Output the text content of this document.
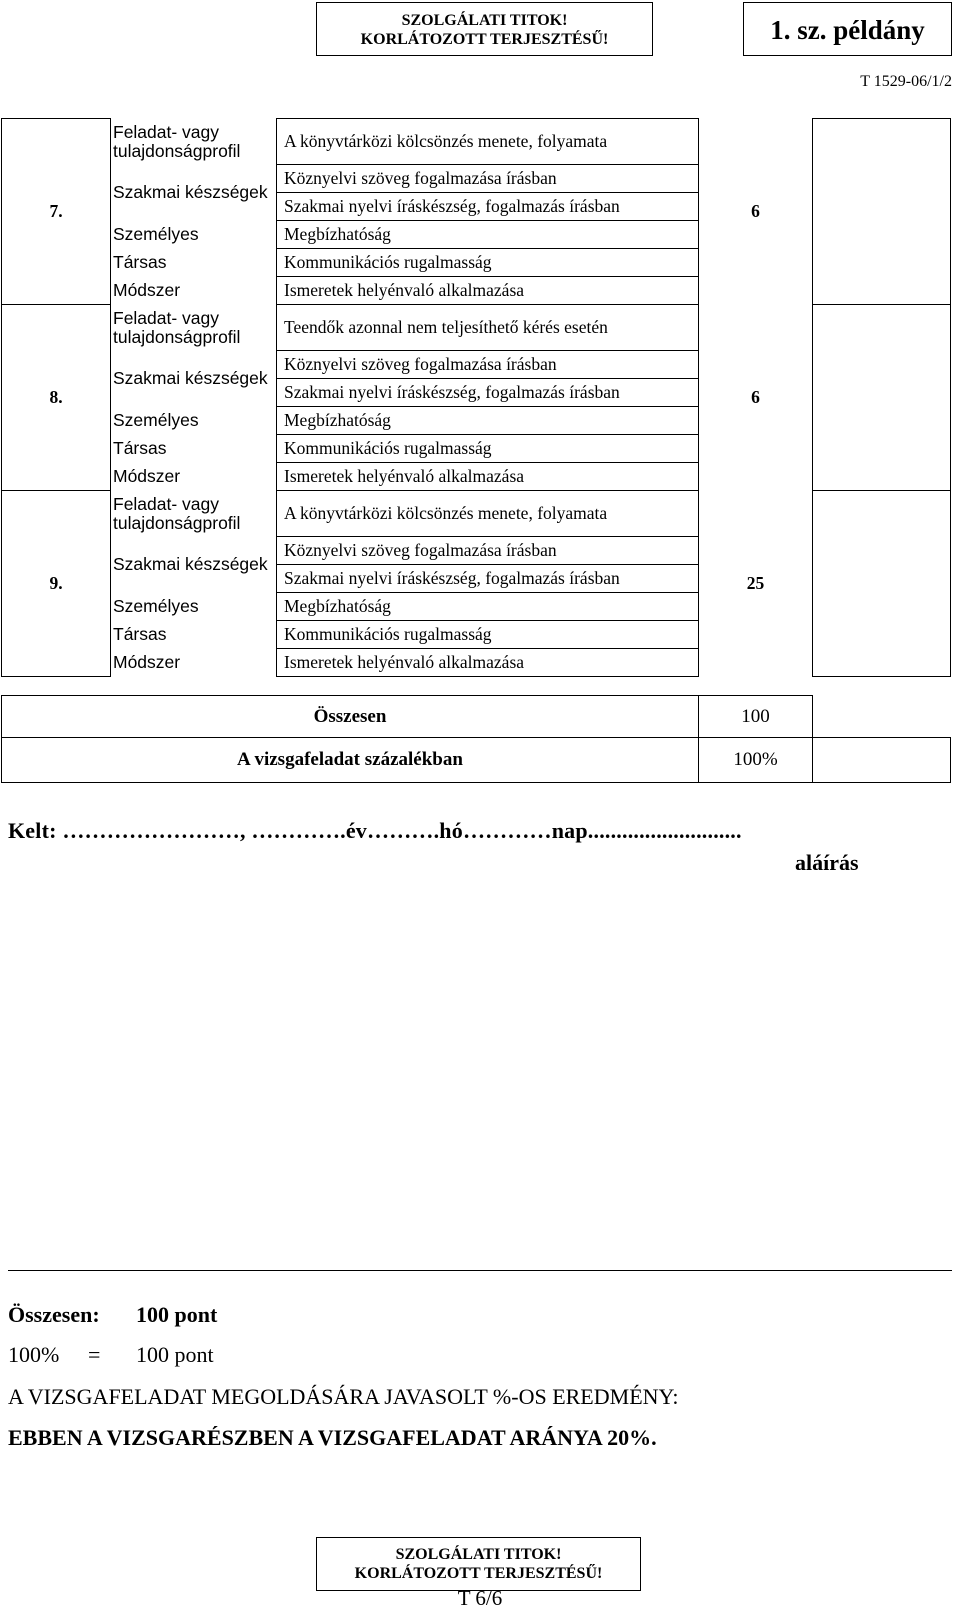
SZOLGÁLATI TITOK!
KORLÁTOZOTT TERJESZTÉSŰ!	1. sz. példány
T 1529-06/1/2
7.	Feladat- vagy tulajdonságprofil	A könyvtárközi kölcsönzés menete, folyamata	6	
	Szakmai készségek	Köznyelvi szöveg fogalmazása írásban		
		Szakmai nyelvi íráskészség, fogalmazás írásban		
	Személyes	Megbízhatóság		
	Társas	Kommunikációs rugalmasság		
	Módszer	Ismeretek helyénvaló alkalmazása		
8.	Feladat- vagy tulajdonságprofil	Teendők azonnal nem teljesíthető kérés esetén	6	
	Szakmai készségek	Köznyelvi szöveg fogalmazása írásban		
		Szakmai nyelvi íráskészség, fogalmazás írásban		
	Személyes	Megbízhatóság		
	Társas	Kommunikációs rugalmasság		
	Módszer	Ismeretek helyénvaló alkalmazása		
9.	Feladat- vagy tulajdonságprofil	A könyvtárközi kölcsönzés menete, folyamata	25	
	Szakmai készségek	Köznyelvi szöveg fogalmazása írásban		
		Szakmai nyelvi íráskészség, fogalmazás írásban		
	Személyes	Megbízhatóság		
	Társas	Kommunikációs rugalmasság		
	Módszer	Ismeretek helyénvaló alkalmazása		
Összesen	100	
A vizsgafeladat százalékban	100%	
Kelt: ……………………, ………….év……….hó…………nap...........................
aláírás
Összesen: 100 pont
100% = 100 pont
A VIZSGAFELADAT MEGOLDÁSÁRA JAVASOLT %-OS EREDMÉNY:
EBBEN A VIZSGARÉSZBEN A VIZSGAFELADAT ARÁNYA 20%.
SZOLGÁLATI TITOK!
KORLÁTOZOTT TERJESZTÉSŰ!
T 6/6
